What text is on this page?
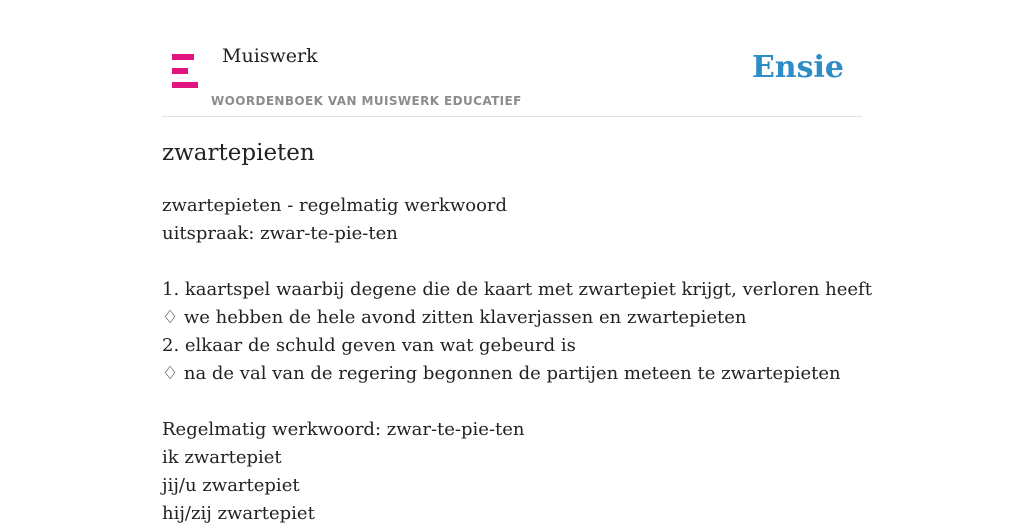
Muiswerk
WOORDENBOEK VAN MUISWERK EDUCATIEF
Ensie
zwartepieten
zwartepieten - regelmatig werkwoord
uitspraak: zwar-te-pie-ten
1. kaartspel waarbij degene die de kaart met zwartepiet krijgt, verloren heeft
♢ we hebben de hele avond zitten klaverjassen en zwartepieten
2. elkaar de schuld geven van wat gebeurd is
♢ na de val van de regering begonnen de partijen meteen te zwartepieten
Regelmatig werkwoord: zwar-te-pie-ten
ik zwartepiet
jij/u zwartepiet
hij/zij zwartepiet
